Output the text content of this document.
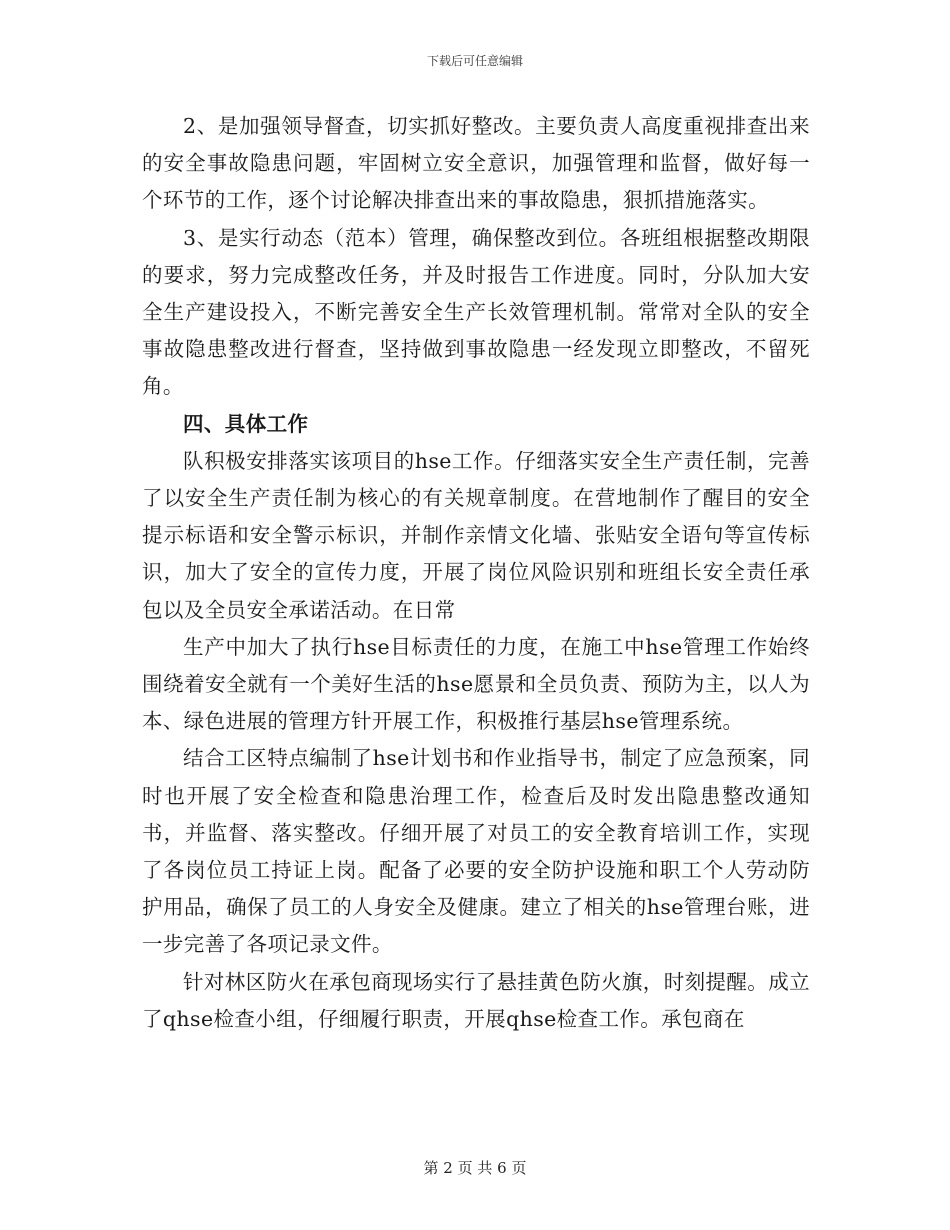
下载后可任意编辑

2、是加强领导督查，切实抓好整改。主要负责人高度重视排查出来的安全事故隐患问题，牢固树立安全意识，加强管理和监督，做好每一个环节的工作，逐个讨论解决排查出来的事故隐患，狠抓措施落实。

3、是实行动态（范本）管理，确保整改到位。各班组根据整改期限的要求，努力完成整改任务，并及时报告工作进度。同时，分队加大安全生产建设投入，不断完善安全生产长效管理机制。常常对全队的安全事故隐患整改进行督查，坚持做到事故隐患一经发现立即整改，不留死角。

四、具体工作

队积极安排落实该项目的hse工作。仔细落实安全生产责任制，完善了以安全生产责任制为核心的有关规章制度。在营地制作了醒目的安全提示标语和安全警示标识，并制作亲情文化墙、张贴安全语句等宣传标识，加大了安全的宣传力度，开展了岗位风险识别和班组长安全责任承包以及全员安全承诺活动。在日常

生产中加大了执行hse目标责任的力度，在施工中hse管理工作始终围绕着安全就有一个美好生活的hse愿景和全员负责、预防为主，以人为本、绿色进展的管理方针开展工作，积极推行基层hse管理系统。

结合工区特点编制了hse计划书和作业指导书，制定了应急预案，同时也开展了安全检查和隐患治理工作，检查后及时发出隐患整改通知书，并监督、落实整改。仔细开展了对员工的安全教育培训工作，实现了各岗位员工持证上岗。配备了必要的安全防护设施和职工个人劳动防护用品，确保了员工的人身安全及健康。建立了相关的hse管理台账，进一步完善了各项记录文件。

针对林区防火在承包商现场实行了悬挂黄色防火旗，时刻提醒。成立了qhse检查小组，仔细履行职责，开展qhse检查工作。承包商在

第 2 页 共 6 页
